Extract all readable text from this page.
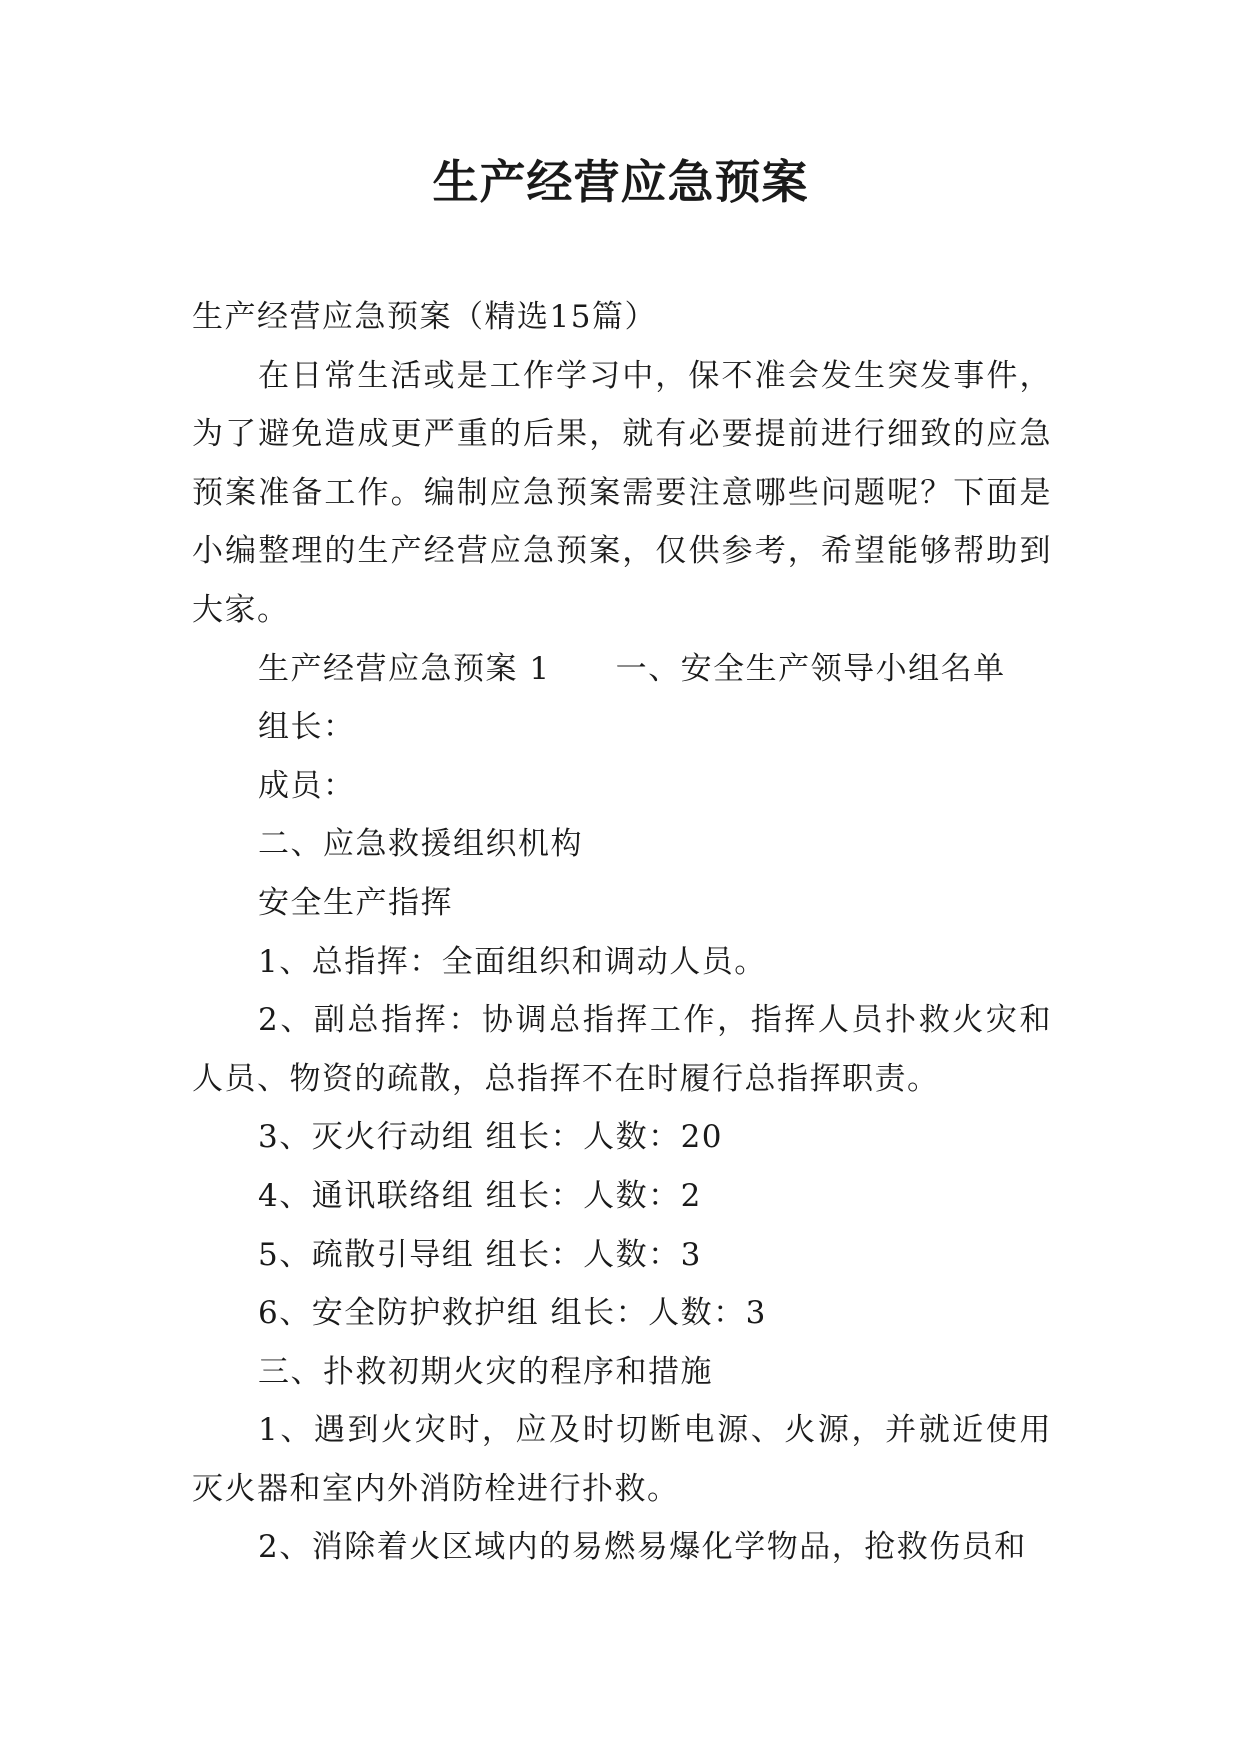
生产经营应急预案

生产经营应急预案（精选15篇）

在日常生活或是工作学习中，保不准会发生突发事件，为了避免造成更严重的后果，就有必要提前进行细致的应急预案准备工作。编制应急预案需要注意哪些问题呢？下面是小编整理的生产经营应急预案，仅供参考，希望能够帮助到大家。

生产经营应急预案 1　　一、安全生产领导小组名单

组长：

成员：

二、应急救援组织机构

安全生产指挥

1、总指挥：全面组织和调动人员。

2、副总指挥：协调总指挥工作，指挥人员扑救火灾和人员、物资的疏散，总指挥不在时履行总指挥职责。

3、灭火行动组 组长：人数：20

4、通讯联络组 组长：人数：2

5、疏散引导组 组长：人数：3

6、安全防护救护组 组长：人数：3

三、扑救初期火灾的程序和措施

1、遇到火灾时，应及时切断电源、火源，并就近使用灭火器和室内外消防栓进行扑救。

2、消除着火区域内的易燃易爆化学物品，抢救伤员和
